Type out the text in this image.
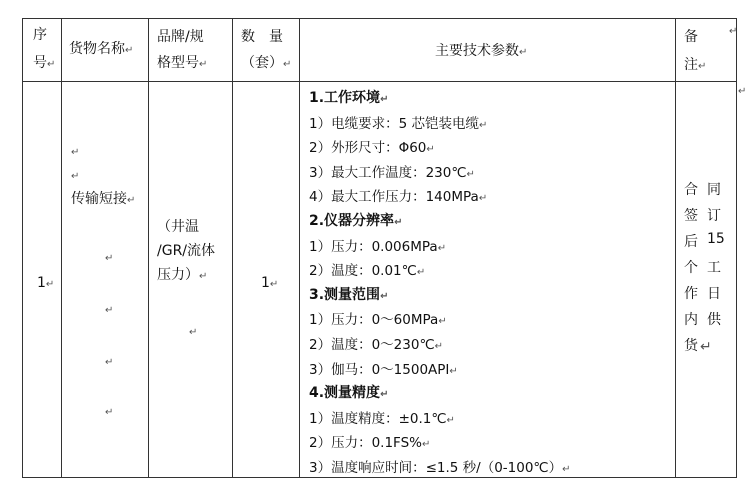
序
号↵
货物名称↵
品牌/规
格型号↵
数　量
（套）↵
主要技术参数↵
备
注↵
1↵
↵
↵
传输短接↵
↵
↵
↵
↵
（井温
/GR/流体
压力）↵
↵
1↵
1.工作环境↵
1）电缆要求：5 芯铠装电缆↵
2）外形尺寸：Φ60↵
3）最大工作温度：230℃↵
4）最大工作压力：140MPa↵
2.仪器分辨率↵
1）压力：0.006MPa↵
2）温度：0.01℃↵
3.测量范围↵
1）压力：0～60MPa↵
2）温度：0～230℃↵
3）伽马：0～1500API↵
4.测量精度↵
1）温度精度：±0.1℃↵
2）压力：0.1FS%↵
3）温度响应时间：≤1.5 秒/（0-100℃）↵
合 同
签 订
后 15
个 工
作 日
内 供
货 ↵
↵
↵
